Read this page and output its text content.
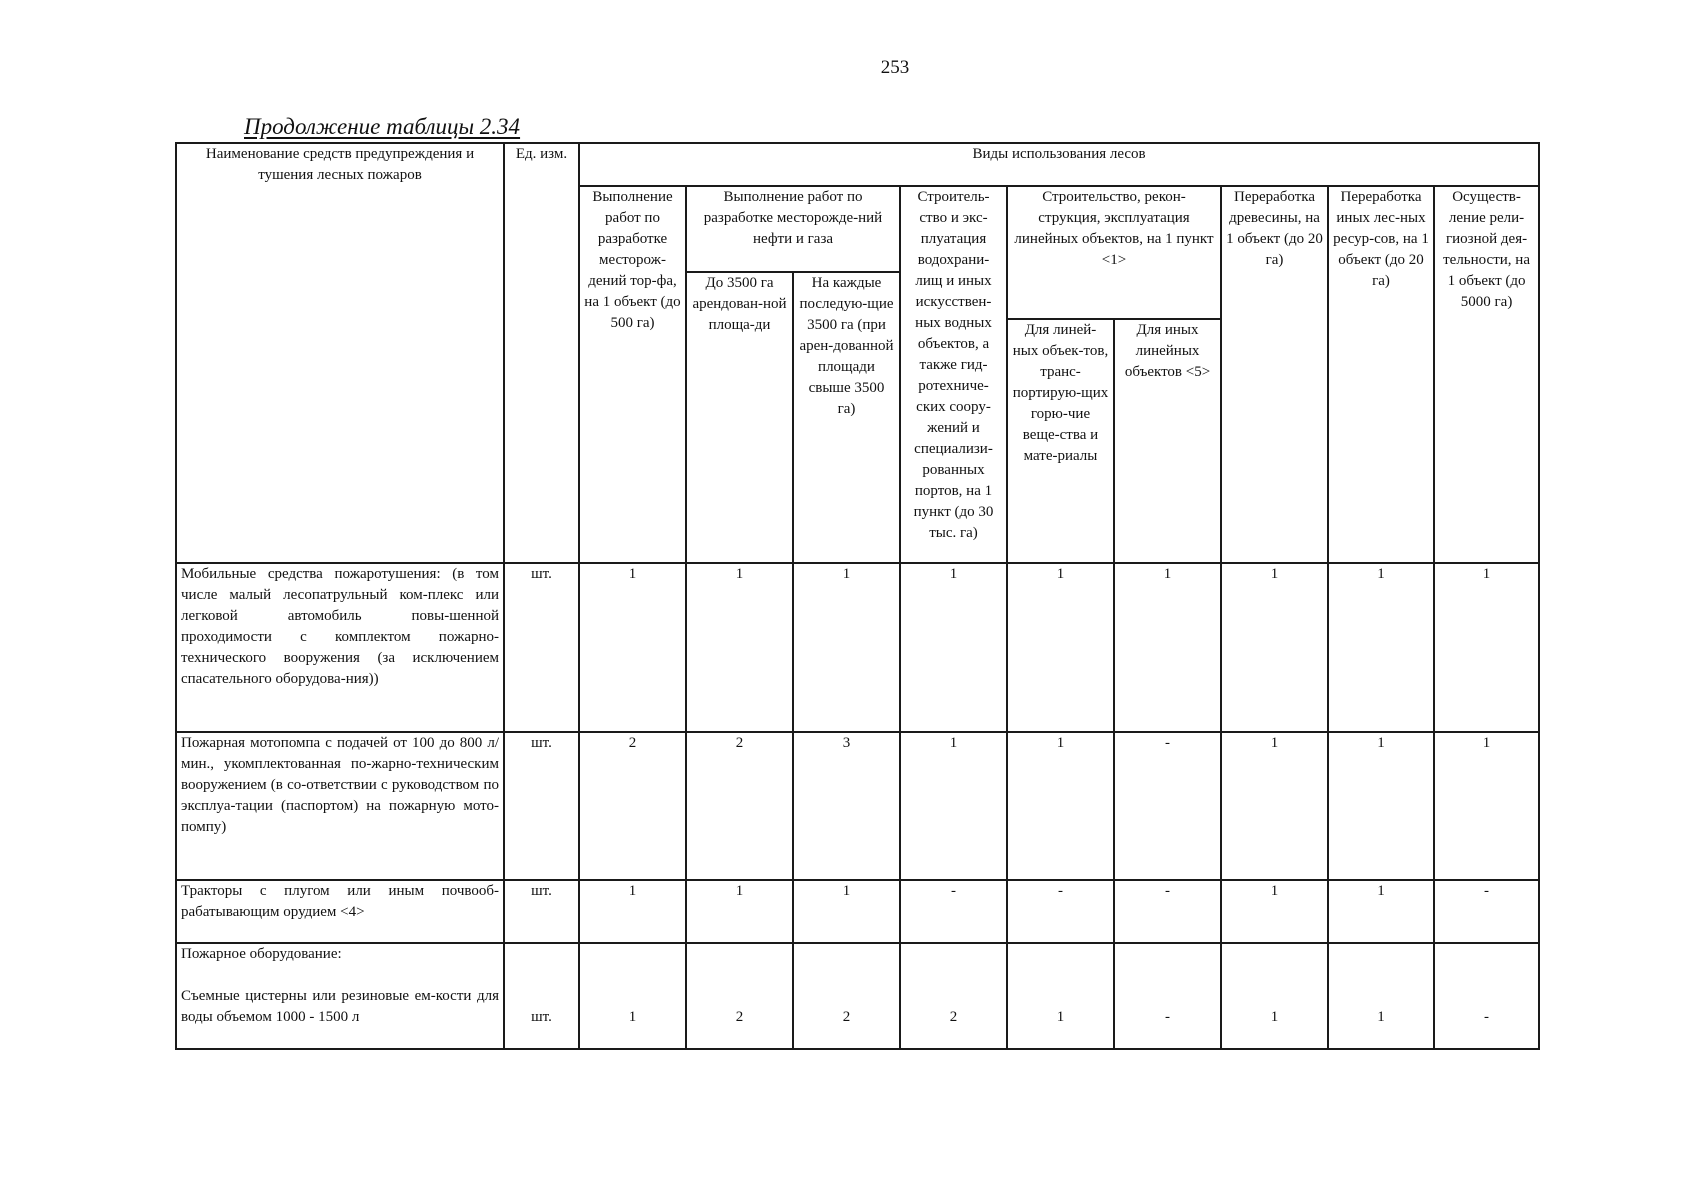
253
Продолжение таблицы 2.34
Наименование средств предупреждения и тушения лесных пожаров	Ед. изм.	Виды использования лесов								
		Выполнение работ по разработке месторож-дений тор-фа, на 1 объект (до 500 га)	Выполнение работ по разработке месторожде-ний нефти и газа		Строитель-ство и экс-плуатация водохрани-лищ и иных искусствен-ных водных объектов, а также гид-ротехниче-ских соору-жений и специализи-рованных портов, на 1 пункт (до 30 тыс. га)	Строительство, рекон-струкция, эксплуатация линейных объектов, на 1 пункт <1>		Переработка древесины, на 1 объект (до 20 га)	Переработка иных лес-ных ресур-сов, на 1 объект (до 20 га)	Осуществ-ление рели-гиозной дея-тельности, на 1 объект (до 5000 га)
			До 3500 га арендован-ной площа-ди	На каждые последую-щие 3500 га (при арен-дованной площади свыше 3500 га)						
						Для линей-ных объек-тов, транс-портирую-щих горю-чие веще-ства и мате-риалы	Для иных линейных объектов <5>			
Мобильные средства пожаротушения: (в том числе малый лесопатрульный ком-плекс или легковой автомобиль повы-шенной проходимости с комплектом пожарно-технического вооружения (за исключением спасательного оборудова-ния))	шт.	1	1	1	1	1	1	1	1	1
Пожарная мотопомпа с подачей от 100 до 800 л/мин., укомплектованная по-жарно-техническим вооружением (в со-ответствии с руководством по эксплуа-тации (паспортом) на пожарную мото-помпу)	шт.	2	2	3	1	1	-	1	1	1
Тракторы с плугом или иным почвооб-рабатывающим орудием <4>	шт.	1	1	1	-	-	-	1	1	-

Пожарное оборудование:
Съемные цистерны или резиновые ем-кости для воды объемом 1000 - 1500 л	шт.	1	2	2	2	1	-	1	1	-
